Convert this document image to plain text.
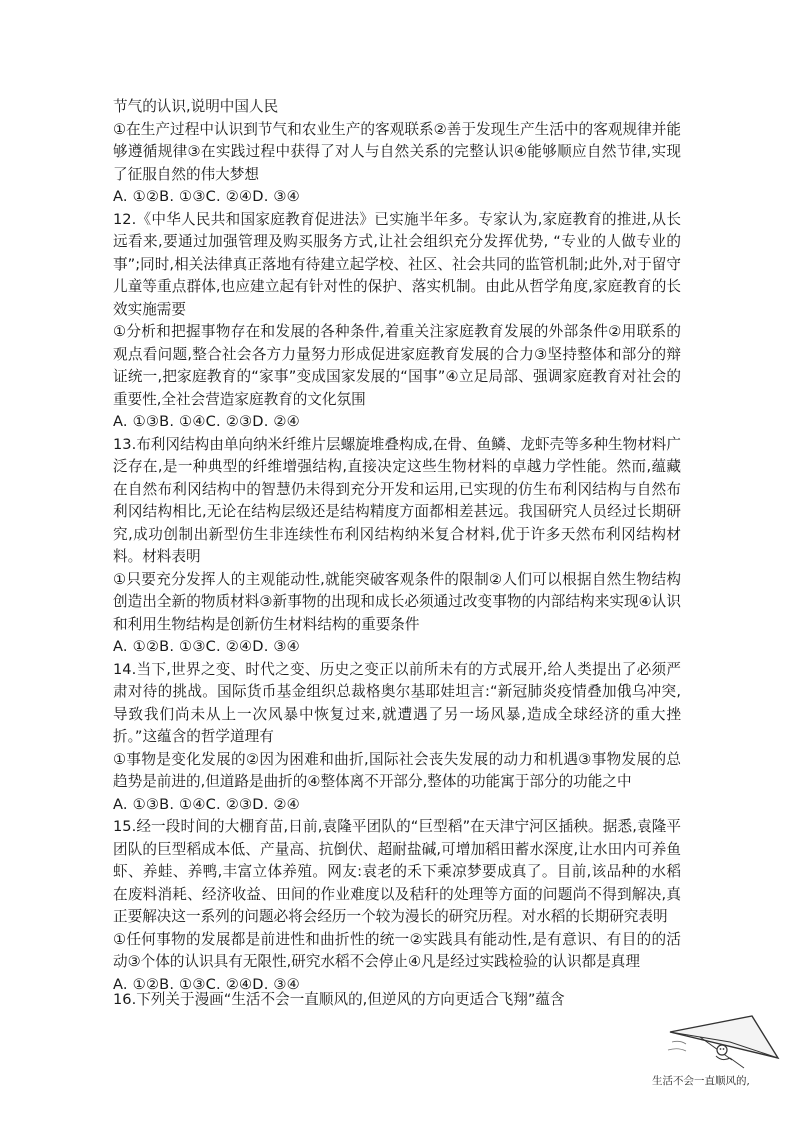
节气的认识,说明中国人民

①在生产过程中认识到节气和农业生产的客观联系②善于发现生产生活中的客观规律并能够遵循规律③在实践过程中获得了对人与自然关系的完整认识④能够顺应自然节律,实现了征服自然的伟大梦想

A. ①②B. ①③C. ②④D. ③④

12.《中华人民共和国家庭教育促进法》已实施半年多。专家认为,家庭教育的推进,从长远看来,要通过加强管理及购买服务方式,让社会组织充分发挥优势, “专业的人做专业的事”;同时,相关法律真正落地有待建立起学校、社区、社会共同的监管机制;此外,对于留守儿童等重点群体,也应建立起有针对性的保护、落实机制。由此从哲学角度,家庭教育的长效实施需要

①分析和把握事物存在和发展的各种条件,着重关注家庭教育发展的外部条件②用联系的观点看问题,整合社会各方力量努力形成促进家庭教育发展的合力③坚持整体和部分的辩证统一,把家庭教育的“家事”变成国家发展的“国事”④立足局部、强调家庭教育对社会的重要性,全社会营造家庭教育的文化氛围

A. ①③B. ①④C. ②③D. ②④

13.布利冈结构由单向纳米纤维片层螺旋堆叠构成,在骨、鱼鳞、龙虾壳等多种生物材料广泛存在,是一种典型的纤维增强结构,直接决定这些生物材料的卓越力学性能。然而,蕴藏在自然布利冈结构中的智慧仍未得到充分开发和运用,已实现的仿生布利冈结构与自然布利冈结构相比,无论在结构层级还是结构精度方面都相差甚远。我国研究人员经过长期研究,成功创制出新型仿生非连续性布利冈结构纳米复合材料,优于许多天然布利冈结构材料。材料表明

①只要充分发挥人的主观能动性,就能突破客观条件的限制②人们可以根据自然生物结构创造出全新的物质材料③新事物的出现和成长必须通过改变事物的内部结构来实现④认识和利用生物结构是创新仿生材料结构的重要条件

A. ①②B. ①③C. ②④D. ③④

14.当下,世界之变、时代之变、历史之变正以前所未有的方式展开,给人类提出了必须严肃对待的挑战。国际货币基金组织总裁格奥尔基耶娃坦言:“新冠肺炎疫情叠加俄乌冲突,导致我们尚未从上一次风暴中恢复过来,就遭遇了另一场风暴,造成全球经济的重大挫折。”这蕴含的哲学道理有

①事物是变化发展的②因为困难和曲折,国际社会丧失发展的动力和机遇③事物发展的总趋势是前进的,但道路是曲折的④整体离不开部分,整体的功能寓于部分的功能之中

A. ①③B. ①④C. ②③D. ②④

15.经一段时间的大棚育苗,日前,袁隆平团队的“巨型稻”在天津宁河区插秧。据悉,袁隆平团队的巨型稻成本低、产量高、抗倒伏、超耐盐碱,可增加稻田蓄水深度,让水田内可养鱼虾、养蛙、养鸭,丰富立体养殖。网友:袁老的禾下乘凉梦要成真了。目前,该品种的水稻在废料消耗、经济收益、田间的作业难度以及秸秆的处理等方面的问题尚不得到解决,真正要解决这一系列的问题必将会经历一个较为漫长的研究历程。对水稻的长期研究表明

①任何事物的发展都是前进性和曲折性的统一②实践具有能动性,是有意识、有目的的活动③个体的认识具有无限性,研究水稻不会停止④凡是经过实践检验的认识都是真理

A. ①②B. ①③C. ②④D. ③④

16.下列关于漫画“生活不会一直顺风的,但逆风的方向更适合飞翔”蕴含
生活不会一直顺风的,
